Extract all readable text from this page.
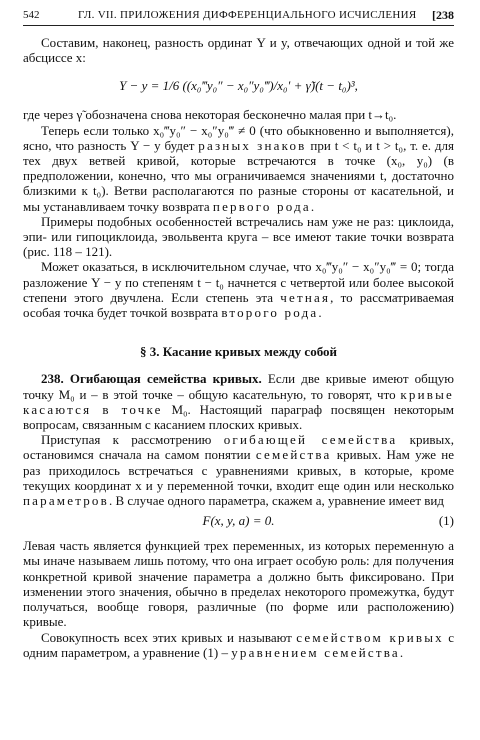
542	ГЛ. VII. ПРИЛОЖЕНИЯ ДИФФЕРЕНЦИАЛЬНОГО ИСЧИСЛЕНИЯ [238

Составим, наконец, разность ординат Y и y, отвечающих одной и той же абсциссе x:

Y − y = 1/6 ((x₀‴y₀″ − x₀″y₀‴)/x₀′ + γ̃)(t − t₀)³,

где через γ̃ обозначена снова некоторая бесконечно малая при t→t₀.

Теперь если только x₀‴y₀″ − x₀″y₀‴ ≠ 0 (что обыкновенно и выполняется), ясно, что разность Y − y будет разных знаков при t < t₀ и t > t₀, т. е. для тех двух ветвей кривой, которые встречаются в точке (x₀, y₀) (в предположении, конечно, что мы ограничиваемся значениями t, достаточно близкими к t₀). Ветви располагаются по разные стороны от касательной, и мы устанавливаем точку возврата первого рода.

Примеры подобных особенностей встречались нам уже не раз: циклоида, эпи- или гипоциклоида, эвольвента круга – все имеют такие точки возврата (рис. 118 – 121).

Может оказаться, в исключительном случае, что x₀‴y₀″ − x₀″y₀‴ = 0; тогда разложение Y − y по степеням t − t₀ начнется с четвертой или более высокой степени этого двучлена. Если степень эта четная, то рассматриваемая особая точка будет точкой возврата второго рода.

§ 3. Касание кривых между собой

238. Огибающая семейства кривых. Если две кривые имеют общую точку M₀ и – в этой точке – общую касательную, то говорят, что кривые касаются в точке M₀. Настоящий параграф посвящен некоторым вопросам, связанным с касанием плоских кривых.

Приступая к рассмотрению огибающей семейства кривых, остановимся сначала на самом понятии семейства кривых. Нам уже не раз приходилось встречаться с уравнениями кривых, в которые, кроме текущих координат x и y переменной точки, входит еще один или несколько параметров. В случае одного параметра, скажем a, уравнение имеет вид

F(x, y, a) = 0.	(1)

Левая часть является функцией трех переменных, из которых переменную a мы иначе называем лишь потому, что она играет особую роль: для получения конкретной кривой значение параметра a должно быть фиксировано. При изменении этого значения, обычно в пределах некоторого промежутка, будут получаться, вообще говоря, различные (по форме или расположению) кривые.

Совокупность всех этих кривых и называют семейством кривых с одним параметром, а уравнение (1) – уравнением семейства.
